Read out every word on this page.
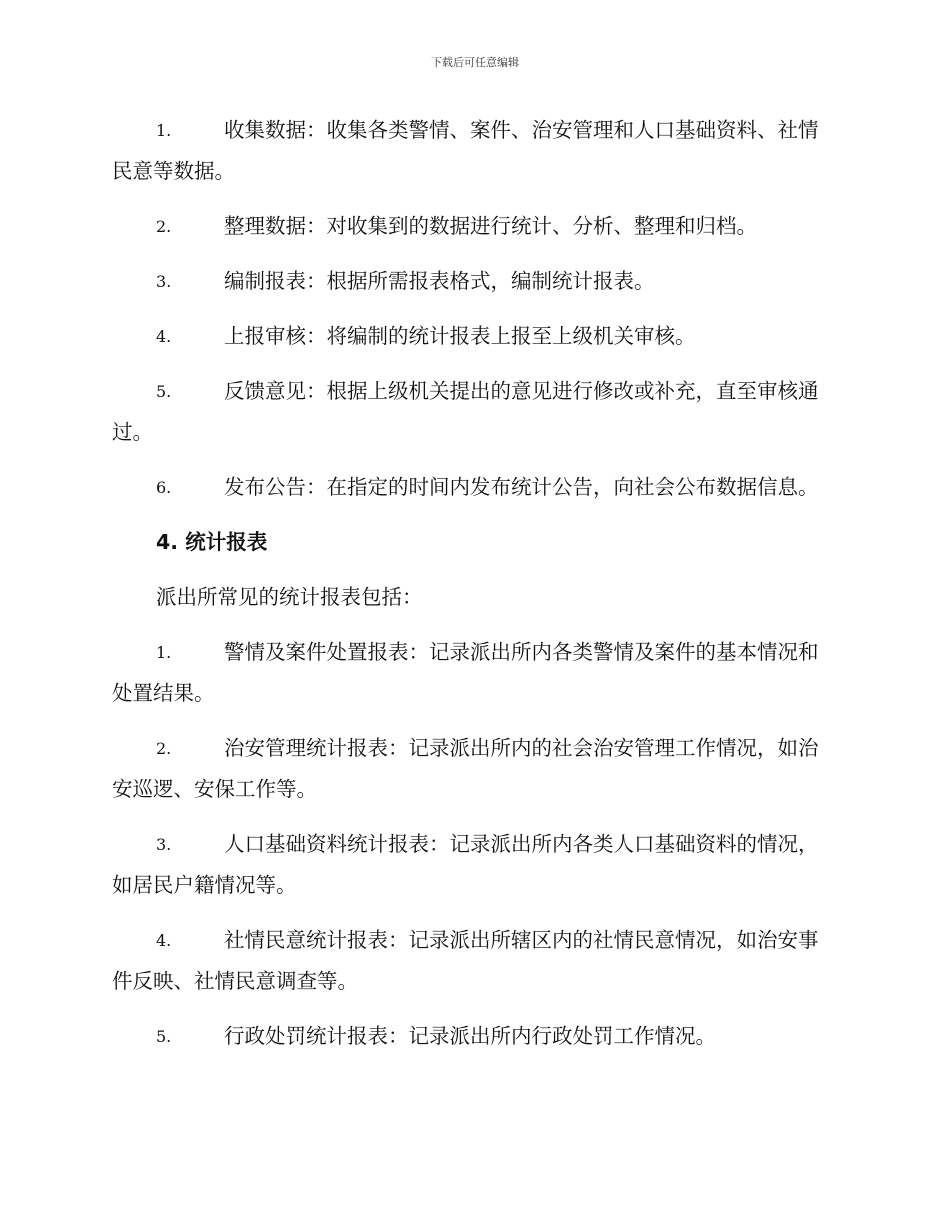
下载后可任意编辑
1.	收集数据：收集各类警情、案件、治安管理和人口基础资料、社情民意等数据。
2.	整理数据：对收集到的数据进行统计、分析、整理和归档。
3.	编制报表：根据所需报表格式，编制统计报表。
4.	上报审核：将编制的统计报表上报至上级机关审核。
5.	反馈意见：根据上级机关提出的意见进行修改或补充，直至审核通过。
6.	发布公告：在指定的时间内发布统计公告，向社会公布数据信息。
4. 统计报表
派出所常见的统计报表包括：
1.	警情及案件处置报表：记录派出所内各类警情及案件的基本情况和处置结果。
2.	治安管理统计报表：记录派出所内的社会治安管理工作情况，如治安巡逻、安保工作等。
3.	人口基础资料统计报表：记录派出所内各类人口基础资料的情况，如居民户籍情况等。
4.	社情民意统计报表：记录派出所辖区内的社情民意情况，如治安事件反映、社情民意调查等。
5.	行政处罚统计报表：记录派出所内行政处罚工作情况。
